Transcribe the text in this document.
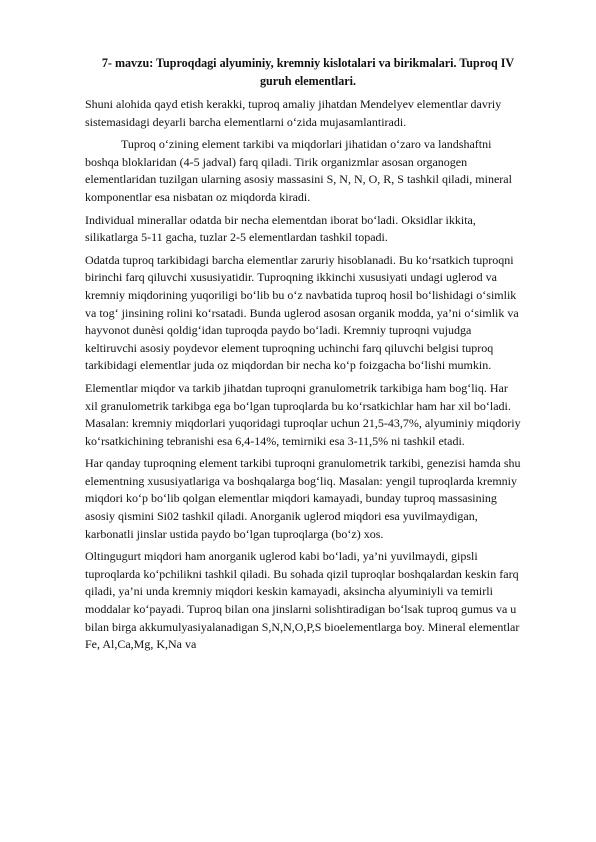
7- mavzu: Tuproqdagi alyuminiy, kremniy kislotalari va birikmalari. Tuproq IV guruh elementlari.

Shuni alohida qayd etish kerakki, tuproq amaliy jihatdan Mendelyev elementlar davriy sistemasidagi deyarli barcha elementlarni o‘zida mujasamlantiradi.

Tuproq o‘zining element tarkibi va miqdorlari jihatidan o‘zaro va landshaftni boshqa bloklaridan (4-5 jadval) farq qiladi. Tirik organizmlar asosan organogen elementlaridan tuzilgan ularning asosiy massasini S, N, N, O, R, S tashkil qiladi, mineral komponentlar esa nisbatan oz miqdorda kiradi.

Individual minerallar odatda bir necha elementdan iborat bo‘ladi. Oksidlar ikkita, silikatlarga 5-11 gacha, tuzlar 2-5 elementlardan tashkil topadi.

Odatda tuproq tarkibidagi barcha elementlar zaruriy hisoblanadi. Bu ko‘rsatkich tuproqni birinchi farq qiluvchi xususiyatidir. Tuproqning ikkinchi xususiyati undagi uglerod va kremniy miqdorining yuqoriligi bo‘lib bu o‘z navbatida tuproq hosil bo‘lishidagi o‘simlik va tog‘ jinsining rolini ko‘rsatadi. Bunda uglerod asosan organik modda, ya’ni o‘simlik va hayvonot dunèsi qoldig‘idan tuproqda paydo bo‘ladi. Kremniy tuproqni vujudga keltiruvchi asosiy poydevor element tuproqning uchinchi farq qiluvchi belgisi tuproq tarkibidagi elementlar juda oz miqdordan bir necha ko‘p foizgacha bo‘lishi mumkin.

Elementlar miqdor va tarkib jihatdan tuproqni granulometrik tarkibiga ham bog‘liq. Har xil granulometrik tarkibga ega bo‘lgan tuproqlarda bu ko‘rsatkichlar ham har xil bo‘ladi. Masalan: kremniy miqdorlari yuqoridagi tuproqlar uchun 21,5-43,7%, alyuminiy miqdoriy ko‘rsatkichining tebranishi esa 6,4-14%, temirniki esa 3-11,5% ni tashkil etadi.

Har qanday tuproqning element tarkibi tuproqni granulometrik tarkibi, genezisi hamda shu elementning xususiyatlariga va boshqalarga bog‘liq. Masalan: yengil tuproqlarda kremniy miqdori ko‘p bo‘lib qolgan elementlar miqdori kamayadi, bunday tuproq massasining asosiy qismini Si02 tashkil qiladi. Anorganik uglerod miqdori esa yuvilmaydigan, karbonatli jinslar ustida paydo bo‘lgan tuproqlarga (bo‘z) xos.

Oltingugurt miqdori ham anorganik uglerod kabi bo‘ladi, ya’ni yuvilmaydi, gipsli tuproqlarda ko‘pchilikni tashkil qiladi. Bu sohada qizil tuproqlar boshqalardan keskin farq qiladi, ya’ni unda kremniy miqdori keskin kamayadi, aksincha alyuminiyli va temirli moddalar ko‘payadi. Tuproq bilan ona jinslarni solishtiradigan bo‘lsak tuproq gumus va u bilan birga akkumulyasiyalanadigan S,N,N,O,P,S bioelementlarga boy. Mineral elementlar Fe, Al,Ca,Mg, K,Na va
